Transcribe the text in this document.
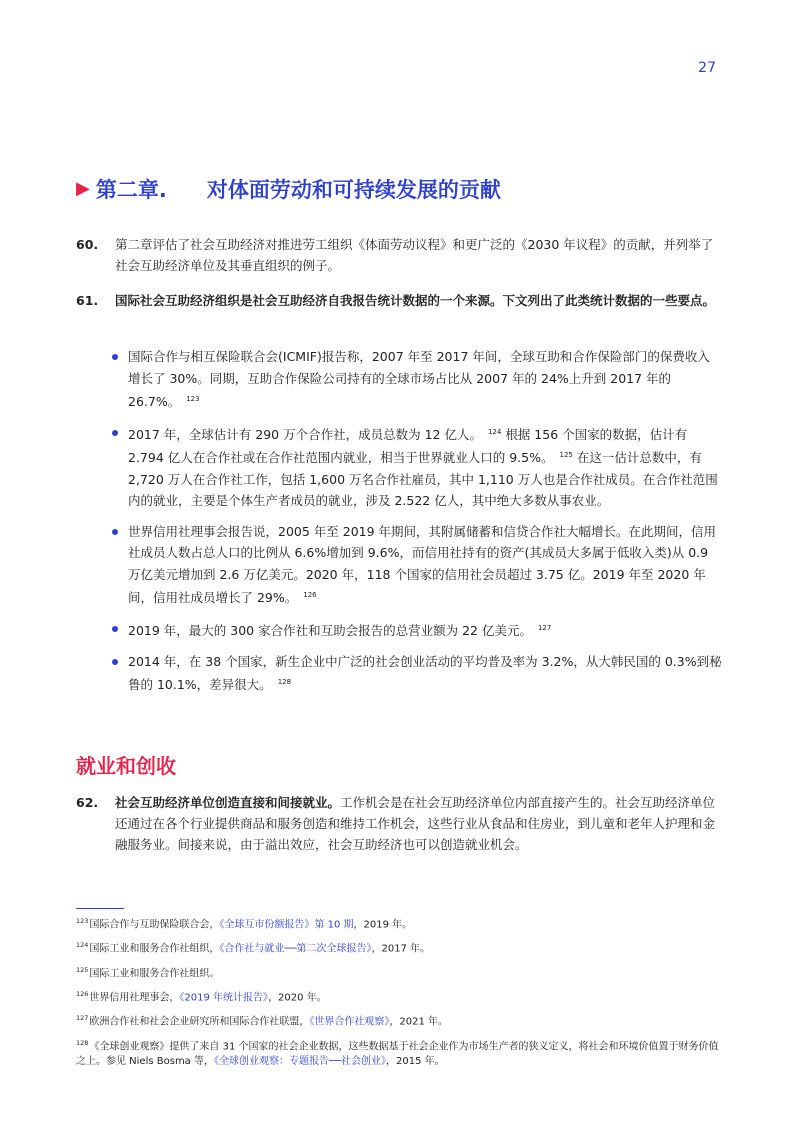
27
▶ 第二章. 对体面劳动和可持续发展的贡献
60. 第二章评估了社会互助经济对推进劳工组织《体面劳动议程》和更广泛的《2030 年议程》的贡献，并列举了社会互助经济单位及其垂直组织的例子。
61. 国际社会互助经济组织是社会互助经济自我报告统计数据的一个来源。下文列出了此类统计数据的一些要点。
国际合作与相互保险联合会(ICMIF)报告称，2007 年至 2017 年间，全球互助和合作保险部门的保费收入增长了 30%。同期，互助合作保险公司持有的全球市场占比从 2007 年的 24%上升到 2017 年的 26.7%。 $^{123}$
2017 年，全球估计有 290 万个合作社，成员总数为 12 亿人。 $^{124}$ 根据 156 个国家的数据，估计有 2.794 亿人在合作社或在合作社范围内就业，相当于世界就业人口的 9.5%。 $^{125}$ 在这一估计总数中，有 2,720 万人在合作社工作，包括 1,600 万名合作社雇员，其中 1,110 万人也是合作社成员。在合作社范围内的就业，主要是个体生产者成员的就业，涉及 2.522 亿人，其中绝大多数从事农业。
世界信用社理事会报告说，2005 年至 2019 年期间，其附属储蓄和信贷合作社大幅增长。在此期间，信用社成员人数占总人口的比例从 6.6%增加到 9.6%，而信用社持有的资产(其成员大多属于低收入类)从 0.9 万亿美元增加到 2.6 万亿美元。2020 年，118 个国家的信用社会员超过 3.75 亿。2019 年至 2020 年间，信用社成员增长了 29%。 $^{126}$
2019 年，最大的 300 家合作社和互助会报告的总营业额为 22 亿美元。 $^{127}$
2014 年，在 38 个国家，新生企业中广泛的社会创业活动的平均普及率为 3.2%，从大韩民国的 0.3%到秘鲁的 10.1%，差异很大。 $^{128}$
就业和创收
62. 社会互助经济单位创造直接和间接就业。工作机会是在社会互助经济单位内部直接产生的。社会互助经济单位还通过在各个行业提供商品和服务创造和维持工作机会，这些行业从食品和住房业，到儿童和老年人护理和金融服务业。间接来说，由于溢出效应，社会互助经济也可以创造就业机会。
$^{123}$国际合作与互助保险联合会，《全球互市份额报告》第 10 期，2019 年。
$^{124}$国际工业和服务合作社组织，《合作社与就业──第二次全球报告》，2017 年。
$^{125}$国际工业和服务合作社组织。
$^{126}$世界信用社理事会，《2019 年统计报告》，2020 年。
$^{127}$欧洲合作社和社会企业研究所和国际合作社联盟，《世界合作社观察》，2021 年。
$^{128}$《全球创业观察》提供了来自 31 个国家的社会企业数据，这些数据基于社会企业作为市场生产者的狭义定义，将社会和环境价值置于财务价值之上。参见 Niels Bosma 等，《全球创业观察：专题报告──社会创业》，2015 年。
